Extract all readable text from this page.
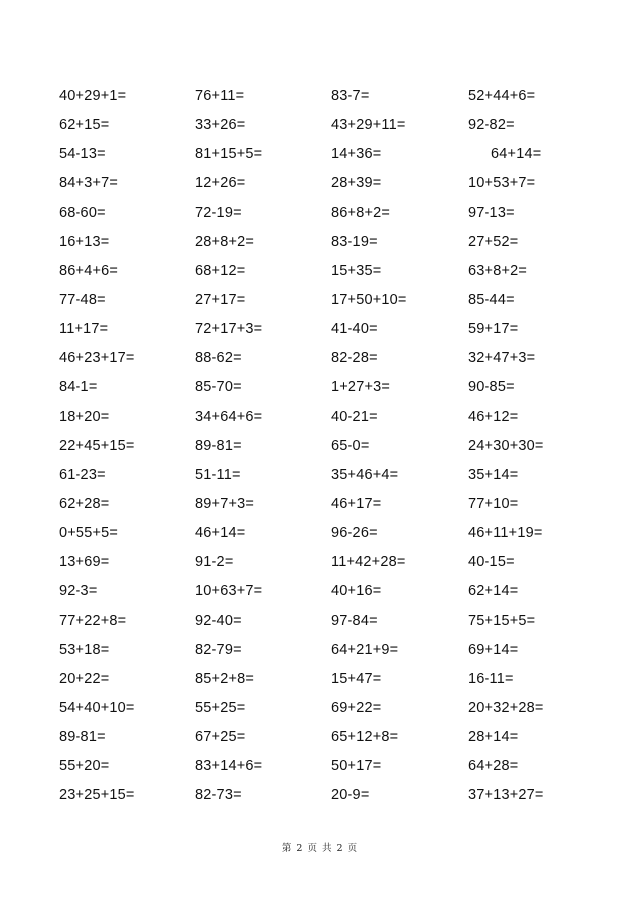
40+29+1=	76+11=	83-7=	52+44+6=
62+15=	33+26=	43+29+11=	92-82=
54-13=	81+15+5=	14+36=	64+14=
84+3+7=	12+26=	28+39=	10+53+7=
68-60=	72-19=	86+8+2=	97-13=
16+13=	28+8+2=	83-19=	27+52=
86+4+6=	68+12=	15+35=	63+8+2=
77-48=	27+17=	17+50+10=	85-44=
11+17=	72+17+3=	41-40=	59+17=
46+23+17=	88-62=	82-28=	32+47+3=
84-1=	85-70=	1+27+3=	90-85=
18+20=	34+64+6=	40-21=	46+12=
22+45+15=	89-81=	65-0=	24+30+30=
61-23=	51-11=	35+46+4=	35+14=
62+28=	89+7+3=	46+17=	77+10=
0+55+5=	46+14=	96-26=	46+11+19=
13+69=	91-2=	11+42+28=	40-15=
92-3=	10+63+7=	40+16=	62+14=
77+22+8=	92-40=	97-84=	75+15+5=
53+18=	82-79=	64+21+9=	69+14=
20+22=	85+2+8=	15+47=	16-11=
54+40+10=	55+25=	69+22=	20+32+28=
89-81=	67+25=	65+12+8=	28+14=
55+20=	83+14+6=	50+17=	64+28=
23+25+15=	82-73=	20-9=	37+13+27=
第 2 页 共 2 页
